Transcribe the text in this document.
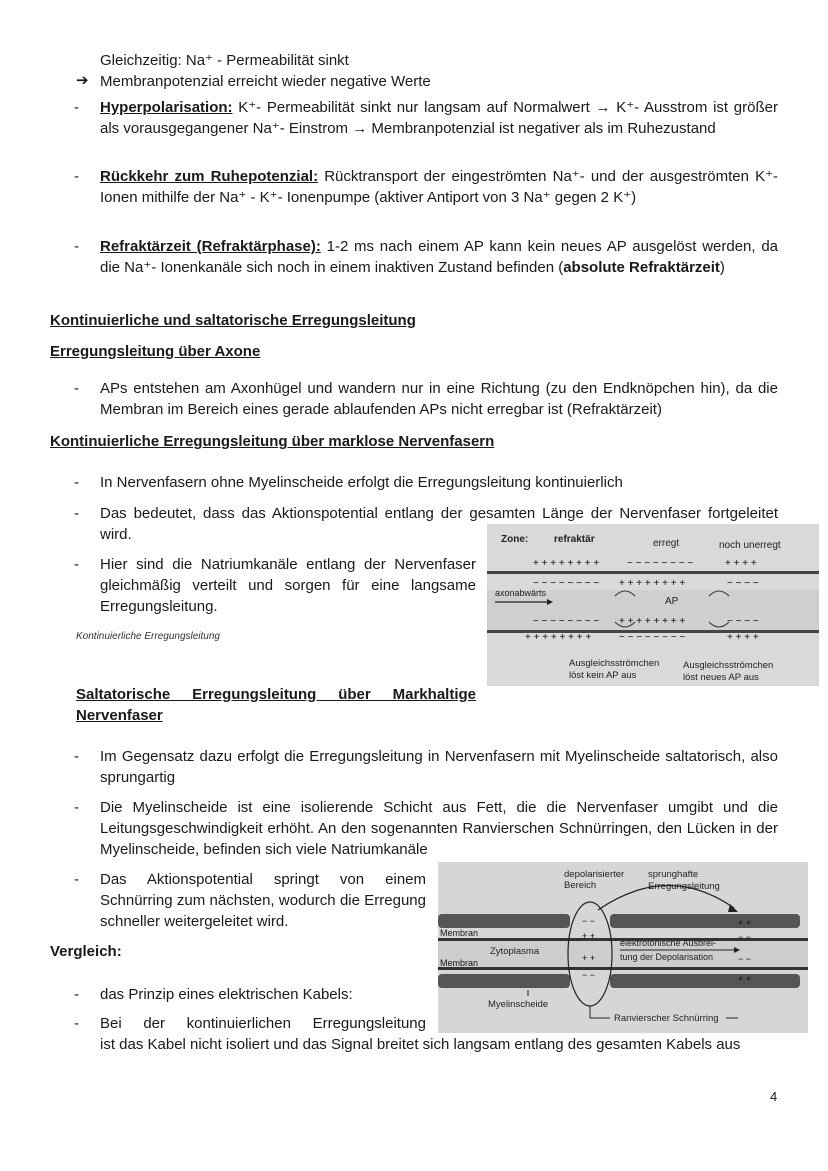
Gleichzeitig: Na⁺ - Permeabilität sinkt
➔ Membranpotenzial erreicht wieder negative Werte
- Hyperpolarisation: K⁺- Permeabilität sinkt nur langsam auf Normalwert → K⁺- Ausstrom ist größer als vorausgegangener Na⁺- Einstrom → Membranpotenzial ist negativer als im Ruhezustand
- Rückkehr zum Ruhepotenzial: Rücktransport der eingeströmten Na⁺- und der ausgeströmten K⁺- Ionen mithilfe der Na⁺ - K⁺- Ionenpumpe (aktiver Antiport von 3 Na⁺ gegen 2 K⁺)
- Refraktärzeit (Refraktärphase): 1-2 ms nach einem AP kann kein neues AP ausgelöst werden, da die Na⁺- Ionenkanäle sich noch in einem inaktiven Zustand befinden (absolute Refraktärzeit)
Kontinuierliche und saltatorische Erregungsleitung
Erregungsleitung über Axone
- APs entstehen am Axonhügel und wandern nur in eine Richtung (zu den Endknöpchen hin), da die Membran im Bereich eines gerade ablaufenden APs nicht erregbar ist (Refraktärzeit)
Kontinuierliche Erregungsleitung über marklose Nervenfasern
- In Nervenfasern ohne Myelinscheide erfolgt die Erregungsleitung kontinuierlich
- Das bedeutet, dass das Aktionspotential entlang der gesamten Länge der Nervenfaser fortgeleitet wird.
- Hier sind die Natriumkanäle entlang der Nervenfaser gleichmäßig verteilt und sorgen für eine langsame Erregungsleitung.
Kontinuierliche Erregungsleitung
Zone:	refraktär	erregt	noch unerregt
+ + + + + + + +	− − − − − − − −	+ + + +
− − − − − − − − + + + + + + + +	− − − −
axonabwärts
AP
− − − − − − − − + + + + + + + +	− − − −
+ + + + + + + +	− − − − − − − −	+ + + +
Ausgleichsströmchen
löst kein AP aus
Ausgleichsströmchen
löst neues AP aus
Saltatorische Erregungsleitung über Markhaltige Nervenfaser
- Im Gegensatz dazu erfolgt die Erregungsleitung in Nervenfasern mit Myelinscheide saltatorisch, also sprungartig
- Die Myelinscheide ist eine isolierende Schicht aus Fett, die die Nervenfaser umgibt und die Leitungsgeschwindigkeit erhöht. An den sogenannten Ranvierschen Schnürringen, den Lücken in der Myelinscheide, befinden sich viele Natriumkanäle
- Das Aktionspotential springt von einem Schnürring zum nächsten, wodurch die Erregung schneller weitergeleitet wird.
depolarisierter
Bereich
sprunghafte
Erregungsleitung
Membran
Zytoplasma
elektrotonische Ausbrei-
tung der Depolarisation
Membran
− −
+ +
+ +
− −
+ +
− −
− −
+ +
Myelinscheide
Ranvierscher Schnürring
Vergleich:
- das Prinzip eines elektrischen Kabels:
- Bei der kontinuierlichen Erregungsleitung
ist das Kabel nicht isoliert und das Signal breitet sich langsam entlang des gesamten Kabels aus
4
